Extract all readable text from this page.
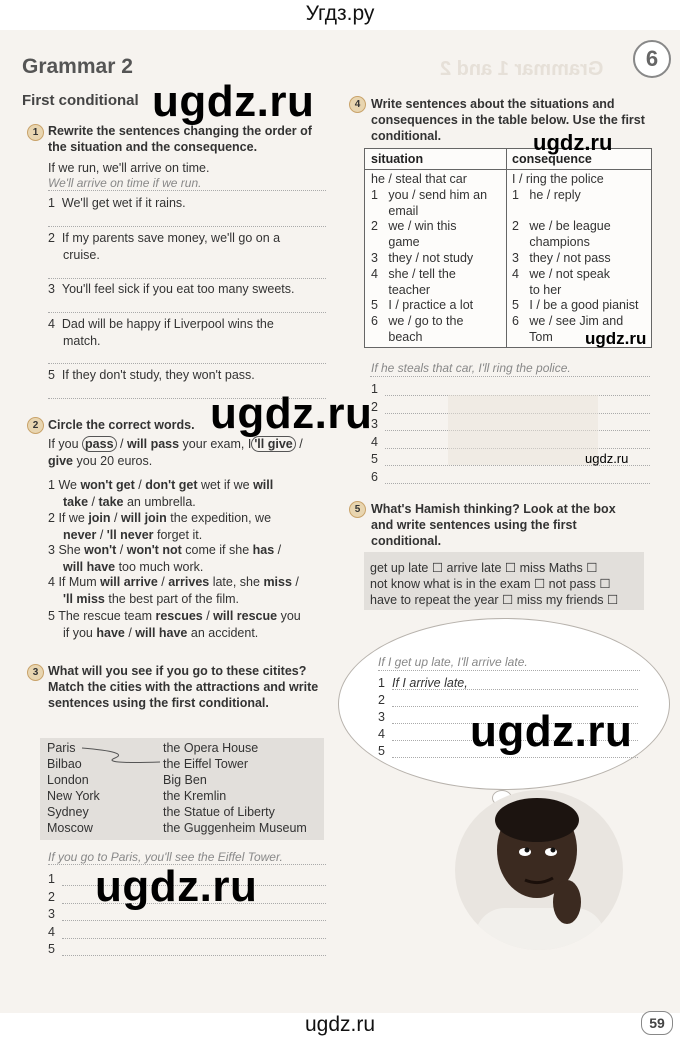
Угдз.ру
Grammar 1 and 2	6
Grammar 2
First conditional
1 Rewrite the sentences changing the order of the situation and the consequence.
If we run, we'll arrive on time.
We'll arrive on time if we run.
1 We'll get wet if it rains.
2 If my parents save money, we'll go on a
cruise.
3 You'll feel sick if you eat too many sweets.
4 Dad will be happy if Liverpool wins the
match.
5 If they don't study, they won't pass.
2 Circle the correct words.
If you pass / will pass your exam, I 'll give /
give you 20 euros.
1 We won't get / don't get wet if we will
take / take an umbrella.
2 If we join / will join the expedition, we
never / 'll never forget it.
3 She won't / won't not come if she has /
will have too much work.
4 If Mum will arrive / arrives late, she miss /
'll miss the best part of the film.
5 The rescue team rescues / will rescue you
if you have / will have an accident.
3 What will you see if you go to these citites? Match the cities with the attractions and write sentences using the first conditional.
Paris
Bilbao
London
New York
Sydney
Moscow
the Opera House
the Eiffel Tower
Big Ben
the Kremlin
the Statue of Liberty
the Guggenheim Museum
If you go to Paris, you'll see the Eiffel Tower.
1
2
3
4
5
4 Write sentences about the situations and consequences in the table below. Use the first conditional.
situation	consequence
he / steal that car
1   you / send him an
email
2   we / win this
game
3   they / not study
4   she / tell the
teacher
5   I / practice a lot
6   we / go to the
beach
I / ring the police
1   he / reply

2   we / be league
champions
3   they / not pass
4   we / not speak
to her
5   I / be a good pianist
6   we / see Jim and
Tom
If he steals that car, I'll ring the police.
1
2
3
4
5
6
5 What's Hamish thinking? Look at the box and write sentences using the first conditional.
get up late ☐ arrive late ☐ miss Maths ☐
not know what is in the exam ☐ not pass ☐
have to repeat the year ☐ miss my friends ☐
If I get up late, I'll arrive late.
1 If I arrive late,
2
3
4
5
59
ugdz.ru
ugdz.ru
ugdz.ru
ugdz.ru
ugdz.ru
ugdz.ru
ugdz.ru
ugdz.ru
